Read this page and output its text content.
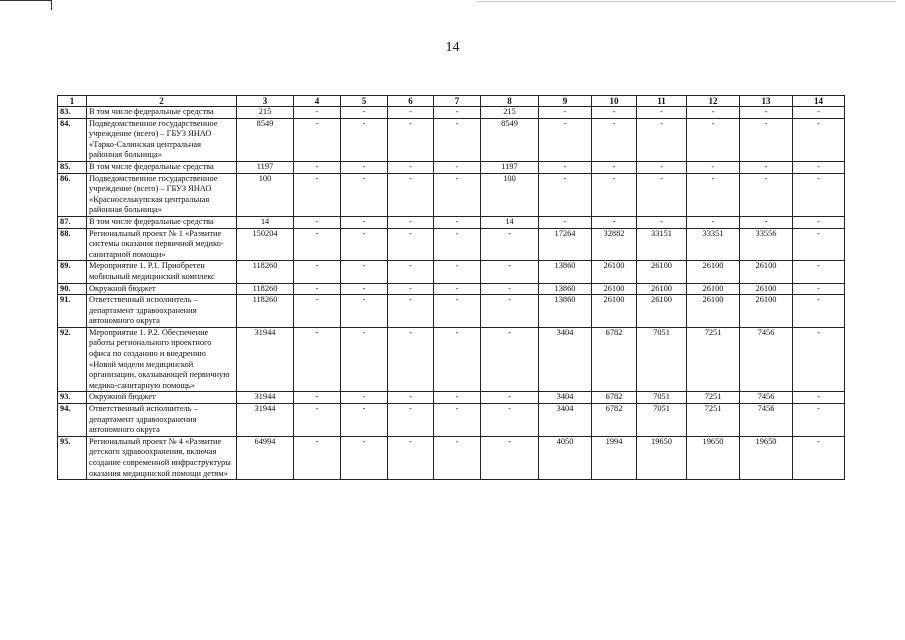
14
1	2	3	4	5	6	7	8	9	10	11	12	13	14
83.	В том числе федеральные средства	215	-	-	-	-	215	-	-	-	-	-	-
84.	Подведомственное государственное учреждение (всего) – ГБУЗ ЯНАО «Тарко-Салинская центральная районная больница»	8549	-	-	-	-	8549	-	-	-	-	-	-
85.	В том числе федеральные средства	1197	-	-	-	-	1197	-	-	-	-	-	-
86.	Подведомственное государственное учреждение (всего) – ГБУЗ ЯНАО «Красноселькупская центральная районная больница»	100	-	-	-	-	100	-	-	-	-	-	-
87.	В том числе федеральные средства	14	-	-	-	-	14	-	-	-	-	-	-
88.	Региональный проект № 1 «Развитие системы оказания первичной медико-санитарной помощи»	150204	-	-	-	-	-	17264	32882	33151	33351	33556	-
89.	Мероприятие 1. Р.1. Приобретен мобильный медицинский комплекс	118260	-	-	-	-	-	13860	26100	26100	26100	26100	-
90.	Окружной бюджет	118260	-	-	-	-	-	13860	26100	26100	26100	26100	-
91.	Ответственный исполнитель – департамент здравоохранения автономного округа	118260	-	-	-	-	-	13860	26100	26100	26100	26100	-
92.	Мероприятие 1. Р.2. Обеспечение работы регионального проектного офиса по созданию и внедрению «Новой модели медицинской организации, оказывающей первичную медико-санитарную помощь»	31944	-	-	-	-	-	3404	6782	7051	7251	7456	-
93.	Окружной бюджет	31944	-	-	-	-	-	3404	6782	7051	7251	7456	-
94.	Ответственный исполнитель – департамент здравоохранения автономного округа	31944	-	-	-	-	-	3404	6782	7051	7251	7456	-
95.	Региональный проект № 4 «Развитие детского здравоохранения, включая создание современной инфраструктуры оказания медицинской помощи детям»	64994	-	-	-	-	-	4050	1994	19650	19650	19650	-
